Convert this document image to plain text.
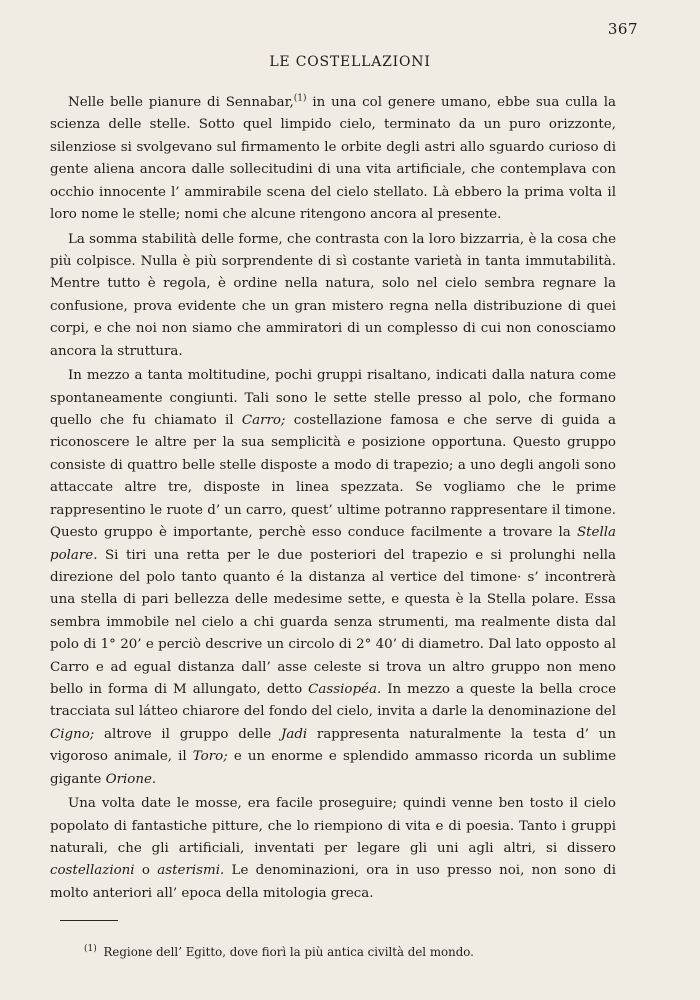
367
LE COSTELLAZIONI

Nelle belle pianure di Sennabar,$^{(1)}$ in una col genere umano, ebbe sua culla la scienza delle stelle. Sotto quel limpido cielo, terminato da un puro orizzonte, silenziose si svolgevano sul firmamento le orbite degli astri allo sguardo curioso di gente aliena ancora dalle sollecitudini di una vita artificiale, che contemplava con occhio innocente l’ ammirabile scena del cielo stellato. Là ebbero la prima volta il loro nome le stelle; nomi che alcune ritengono ancora al presente.

La somma stabilità delle forme, che contrasta con la loro bizzarria, è la cosa che più colpisce. Nulla è più sorprendente di sì costante varietà in tanta immutabilità. Mentre tutto è regola, è ordine nella natura, solo nel cielo sembra regnare la confusione, prova evidente che un gran mistero regna nella distribuzione di quei corpi, e che noi non siamo che ammiratori di un complesso di cui non conosciamo ancora la struttura.

In mezzo a tanta moltitudine, pochi gruppi risaltano, indicati dalla natura come spontaneamente congiunti. Tali sono le sette stelle presso al polo, che formano quello che fu chiamato il Carro; costellazione famosa e che serve di guida a riconoscere le altre per la sua semplicità e posizione opportuna. Questo gruppo consiste di quattro belle stelle disposte a modo di trapezio; a uno degli angoli sono attaccate altre tre, disposte in linea spezzata. Se vogliamo che le prime rappresentino le ruote d’ un carro, quest’ ultime potranno rappresentare il timone. Questo gruppo è importante, perchè esso conduce facilmente a trovare la Stella polare. Si tiri una retta per le due posteriori del trapezio e si prolunghi nella direzione del polo tanto quanto é la distanza al vertice del timone· s’ incontrerà una stella di pari bellezza delle medesime sette, e questa è la Stella polare. Essa sembra immobile nel cielo a chi guarda senza strumenti, ma realmente dista dal polo di 1° 20’ e perciò descrive un circolo di 2° 40’ di diametro. Dal lato opposto al Carro e ad egual distanza dall’ asse celeste si trova un altro gruppo non meno bello in forma di M allungato, detto Cassiopéa. In mezzo a queste la bella croce tracciata sul látteo chiarore del fondo del cielo, invita a darle la denominazione del Cigno; altrove il gruppo delle Jadi rappresenta naturalmente la testa d’ un vigoroso animale, il Toro; e un enorme e splendido ammasso ricorda un sublime gigante Orione.

Una volta date le mosse, era facile proseguire; quindi venne ben tosto il cielo popolato di fantastiche pitture, che lo riempiono di vita e di poesia. Tanto i gruppi naturali, che gli artificiali, inventati per legare gli uni agli altri, si dissero costellazioni o asterismi. Le denominazioni, ora in uso presso noi, non sono di molto anteriori all’ epoca della mitologia greca.

$^{(1)}$ Regione dell’ Egitto, dove fiorì la più antica civiltà del mondo.
